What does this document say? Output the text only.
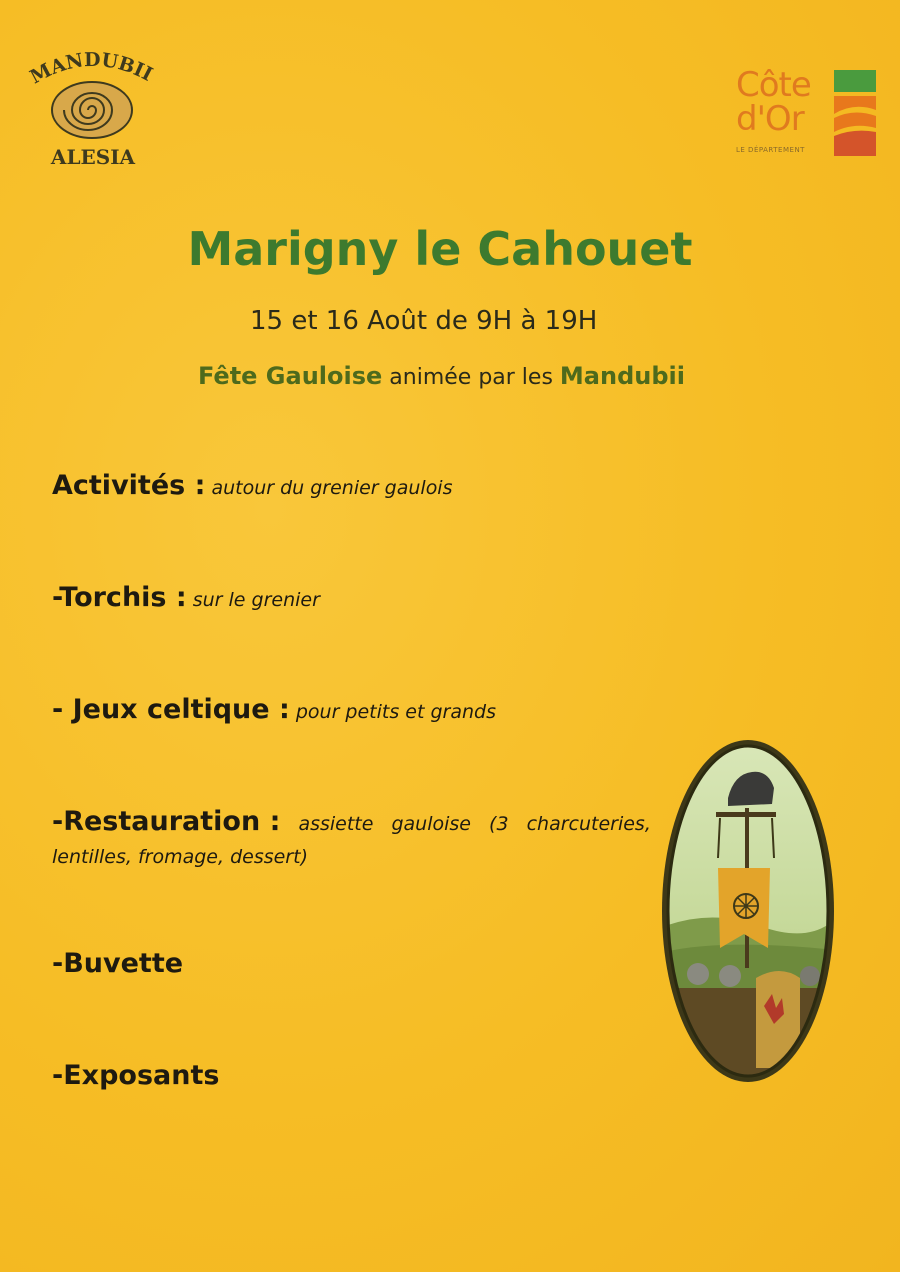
MANDUBII
ALESIA
Côte
d'Or
LE DÉPARTEMENT
Marigny le Cahouet
15 et 16 Août de 9H à 19H
Fête Gauloise animée par les Mandubii
Activités : autour du grenier gaulois
-Torchis : sur le grenier
- Jeux celtique : pour petits et grands
-Restauration : assiette gauloise (3 charcuteries,
lentilles, fromage, dessert)
-Buvette
-Exposants
